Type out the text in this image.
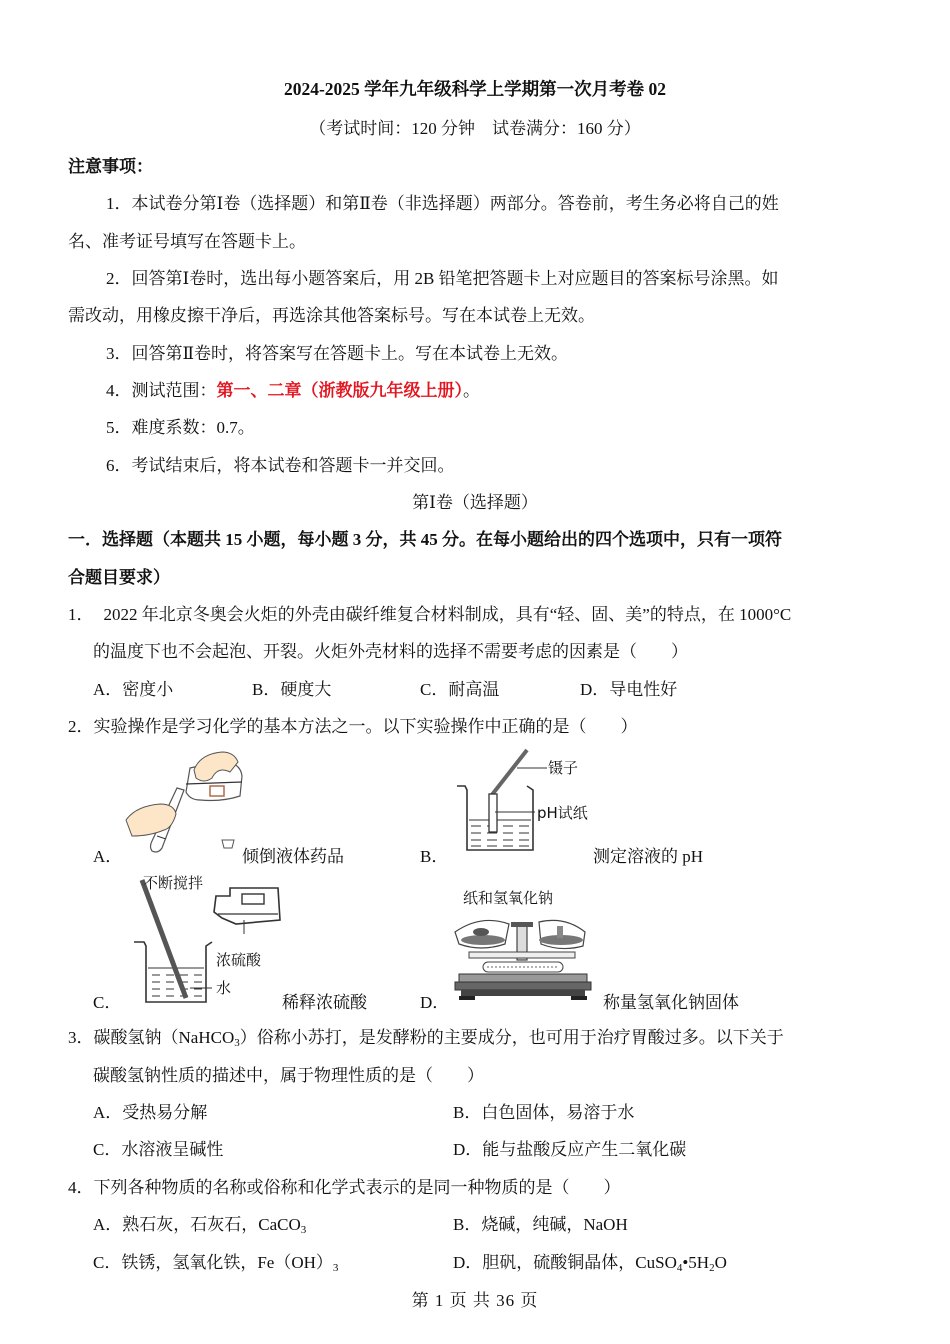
2024-2025 学年九年级科学上学期第一次月考卷 02
（考试时间：120 分钟　试卷满分：160 分）
注意事项：
1．本试卷分第Ⅰ卷（选择题）和第Ⅱ卷（非选择题）两部分。答卷前，考生务必将自己的姓
名、准考证号填写在答题卡上。
2．回答第Ⅰ卷时，选出每小题答案后，用 2B 铅笔把答题卡上对应题目的答案标号涂黑。如
需改动，用橡皮擦干净后，再选涂其他答案标号。写在本试卷上无效。
3．回答第Ⅱ卷时，将答案写在答题卡上。写在本试卷上无效。
4．测试范围：第一、二章（浙教版九年级上册）。
5．难度系数：0.7。
6．考试结束后，将本试卷和答题卡一并交回。
第Ⅰ卷（选择题）
一．选择题（本题共 15 小题，每小题 3 分，共 45 分。在每小题给出的四个选项中，只有一项符
合题目要求）
1． 2022 年北京冬奥会火炬的外壳由碳纤维复合材料制成，具有“轻、固、美”的特点，在 1000°C
的温度下也不会起泡、开裂。火炬外壳材料的选择不需要考虑的因素是（　　）
A．密度小	B．硬度大	C．耐高温	D．导电性好
2．实验操作是学习化学的基本方法之一。以下实验操作中正确的是（　　）
A．	倾倒液体药品	B．
镊子
pH试纸
测定溶液的 pH
C．
不断搅拌
浓硫酸
水
稀释浓硫酸	D．
纸和氢氧化钠
称量氢氧化钠固体
3．碳酸氢钠（NaHCO$_3$）俗称小苏打，是发酵粉的主要成分，也可用于治疗胃酸过多。以下关于
碳酸氢钠性质的描述中，属于物理性质的是（　　）
A．受热易分解	B．白色固体，易溶于水
C．水溶液呈碱性	D．能与盐酸反应产生二氧化碳
4．下列各种物质的名称或俗称和化学式表示的是同一种物质的是（　　）
A．熟石灰，石灰石，CaCO$_3$	B．烧碱，纯碱，NaOH
C．铁锈，氢氧化铁，$Fe(OH)_3$	D．胆矾，硫酸铜晶体，$CuSO_4•5H_2O$
第 1 页 共 36 页
